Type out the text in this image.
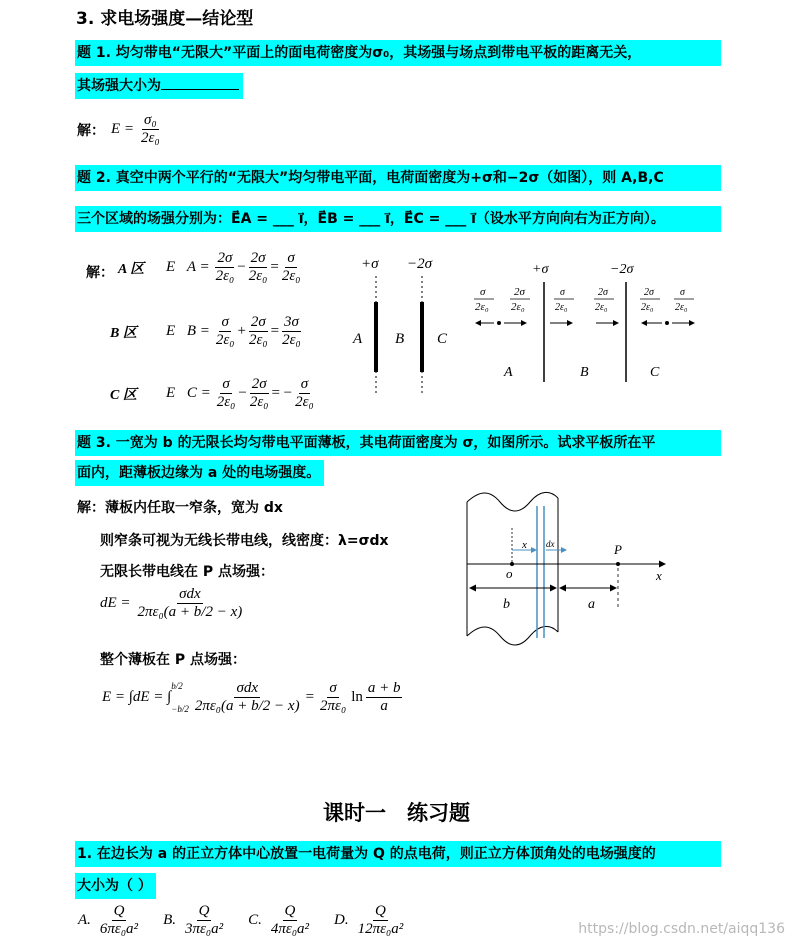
3. 求电场强度—结论型
题 1. 均匀带电“无限大”平面上的面电荷密度为σ₀，其场强与场点到带电平板的距离无关，
其场强大小为
解： $E = \frac{\text{σ₀}}{\text{2ε₀}}$
题 2. 真空中两个平行的“无限大”均匀带电平面，电荷面密度为+σ和−2σ（如图），则 A,B,C
三个区域的场强分别为：E⃗A = ___ i⃗，E⃗B = ___ i⃗，E⃗C = ___ i⃗（设水平方向向右为正方向）。
解： A 区	E⃗A = $\frac{2\sigma}{\text{2ε₀}} - \frac{2\sigma}{\text{2ε₀}} = \frac{\sigma}{\text{2ε₀}}$
B 区	E⃗B = $\frac{\sigma}{\text{2ε₀}} + \frac{2\sigma}{\text{2ε₀}} = \frac{3\sigma}{\text{2ε₀}}$
C 区	E⃗C = $\frac{\sigma}{\text{2ε₀}} - \frac{2\sigma}{\text{2ε₀}}$ = − $\frac{\sigma}{\text{2ε₀}}$
+σ −2σ
A B C
+σ	−2σ
σ
2ε₀
2σ
2ε₀
A
σ
2ε₀
2σ
2ε₀
B
2σ
2ε₀
σ
2ε₀
C
题 3. 一宽为 b 的无限长均匀带电平面薄板，其电荷面密度为 σ，如图所示。试求平板所在平
面内，距薄板边缘为 a 处的电场强度。
解：薄板内任取一窄条，宽为 dx
则窄条可视为无线长带电线，线密度：λ=σdx
无限长带电线在 P 点场强：
dE = $\frac{\text{σdx}}{\text{2πε₀(a + b/2 − x)}}$
整个薄板在 P 点场强：
E = ∫dE = ∫
b/2
$-b/2 \frac{\text{σdx}}{\text{2πε₀(a + b/2 − x)}} = \frac{\sigma}{\text{2πε₀}}$ $\ln \frac{a + b}{a}$
x dx
o
P
x
b	a
课时一　练习题
1. 在边长为 a 的正立方体中心放置一电荷量为 Q 的点电荷，则正立方体顶角处的电场强度的
大小为（ ）
A. $\frac{Q}{\text{6πε₀a²}} B$. $\frac{Q}{\text{3πε₀a²}} C$. $\frac{Q}{\text{4πε₀a²}} D$. $\frac{Q}{\text{12πε₀a²}}$	https://blog.csdn.net/aiqq136
